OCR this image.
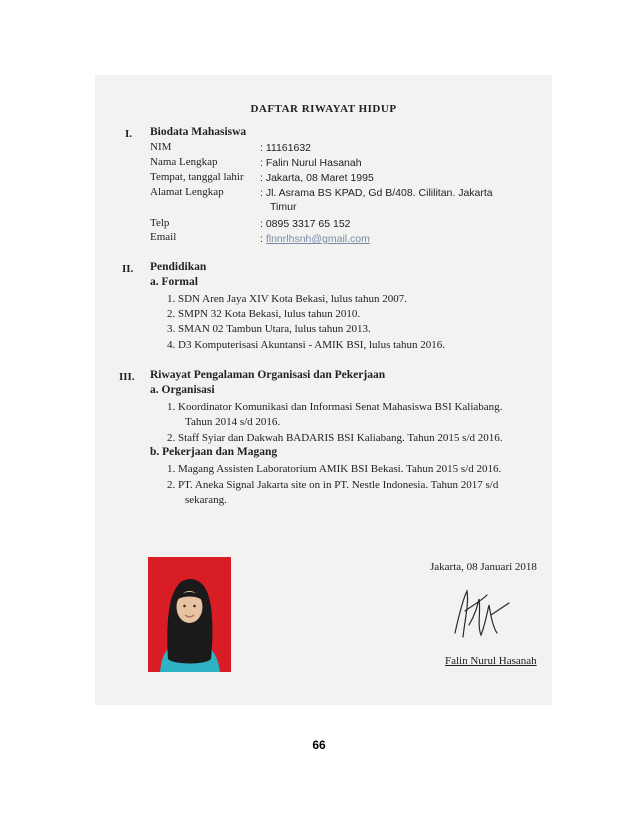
DAFTAR RIWAYAT HIDUP
I. Biodata Mahasiswa
NIM	: 11161632
Nama Lengkap	: Falin Nurul Hasanah
Tempat, tanggal lahir : Jakarta, 08 Maret 1995
Alamat Lengkap	: Jl. Asrama BS KPAD, Gd B/408. Cililitan. Jakarta
Timur
Telp	: 0895 3317 65 152
Email	: flnnrlhsnh@gmail.com
II. Pendidikan
a. Formal
1. SDN Aren Jaya XIV Kota Bekasi, lulus tahun 2007.
2. SMPN 32 Kota Bekasi, lulus tahun 2010.
3. SMAN 02 Tambun Utara, lulus tahun 2013.
4. D3 Komputerisasi Akuntansi - AMIK BSI, lulus tahun 2016.
III. Riwayat Pengalaman Organisasi dan Pekerjaan
a. Organisasi
1. Koordinator Komunikasi dan Informasi Senat Mahasiswa BSI Kaliabang.
Tahun 2014 s/d 2016.
2. Staff Syiar dan Dakwah BADARIS BSI Kaliabang. Tahun 2015 s/d 2016.
b. Pekerjaan dan Magang
1. Magang Assisten Laboratorium AMIK BSI Bekasi. Tahun 2015 s/d 2016.
2. PT. Aneka Signal Jakarta site on in PT. Nestle Indonesia. Tahun 2017 s/d
sekarang.
Jakarta, 08 Januari 2018
Falin Nurul Hasanah
66
